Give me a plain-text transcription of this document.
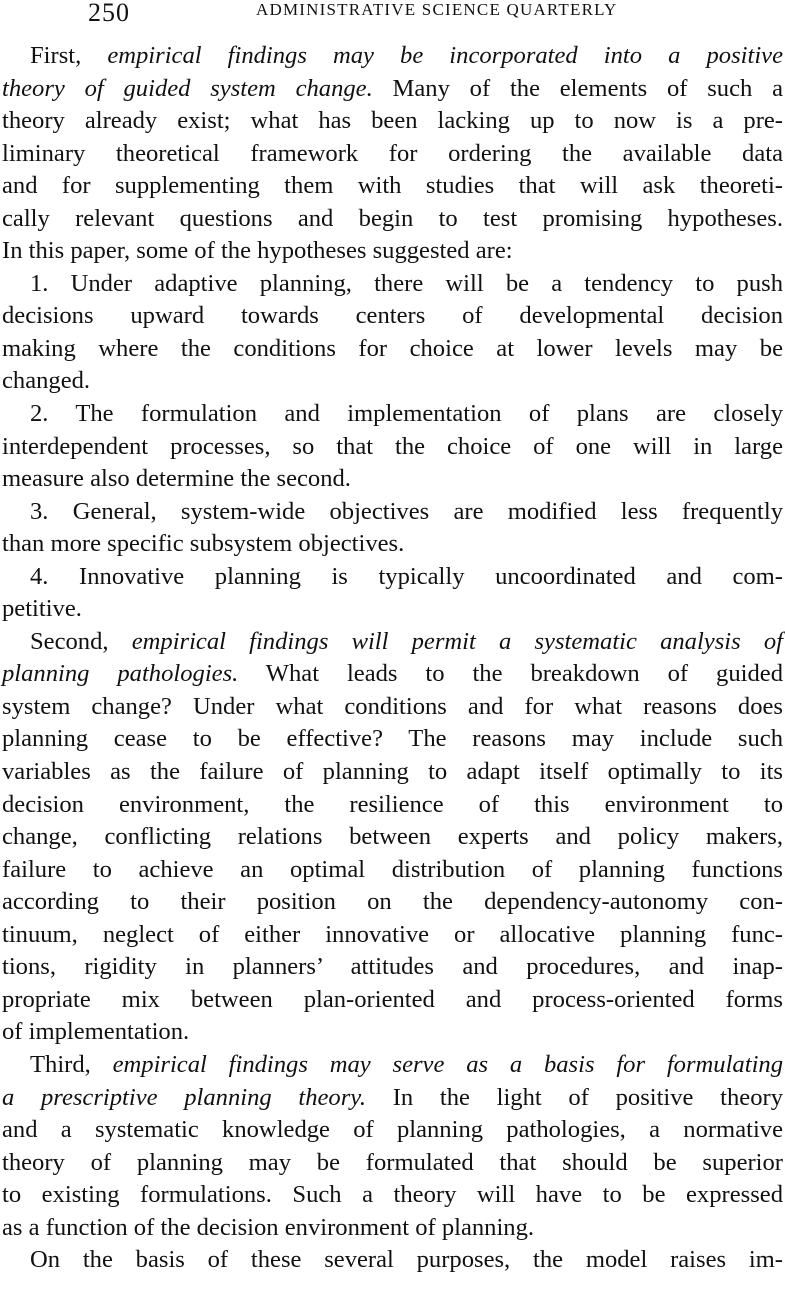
250	ADMINISTRATIVE SCIENCE QUARTERLY
First, empirical findings may be incorporated into a positive
theory of guided system change. Many of the elements of such a
theory already exist; what has been lacking up to now is a pre-
liminary theoretical framework for ordering the available data
and for supplementing them with studies that will ask theoreti-
cally relevant questions and begin to test promising hypotheses.
In this paper, some of the hypotheses suggested are:
1. Under adaptive planning, there will be a tendency to push
decisions upward towards centers of developmental decision
making where the conditions for choice at lower levels may be
changed.
2. The formulation and implementation of plans are closely
interdependent processes, so that the choice of one will in large
measure also determine the second.
3. General, system-wide objectives are modified less frequently
than more specific subsystem objectives.
4. Innovative planning is typically uncoordinated and com-
petitive.
Second, empirical findings will permit a systematic analysis of
planning pathologies. What leads to the breakdown of guided
system change? Under what conditions and for what reasons does
planning cease to be effective? The reasons may include such
variables as the failure of planning to adapt itself optimally to its
decision environment, the resilience of this environment to
change, conflicting relations between experts and policy makers,
failure to achieve an optimal distribution of planning functions
according to their position on the dependency-autonomy con-
tinuum, neglect of either innovative or allocative planning func-
tions, rigidity in planners’ attitudes and procedures, and inap-
propriate mix between plan-oriented and process-oriented forms
of implementation.
Third, empirical findings may serve as a basis for formulating
a prescriptive planning theory. In the light of positive theory
and a systematic knowledge of planning pathologies, a normative
theory of planning may be formulated that should be superior
to existing formulations. Such a theory will have to be expressed
as a function of the decision environment of planning.
On the basis of these several purposes, the model raises im-
